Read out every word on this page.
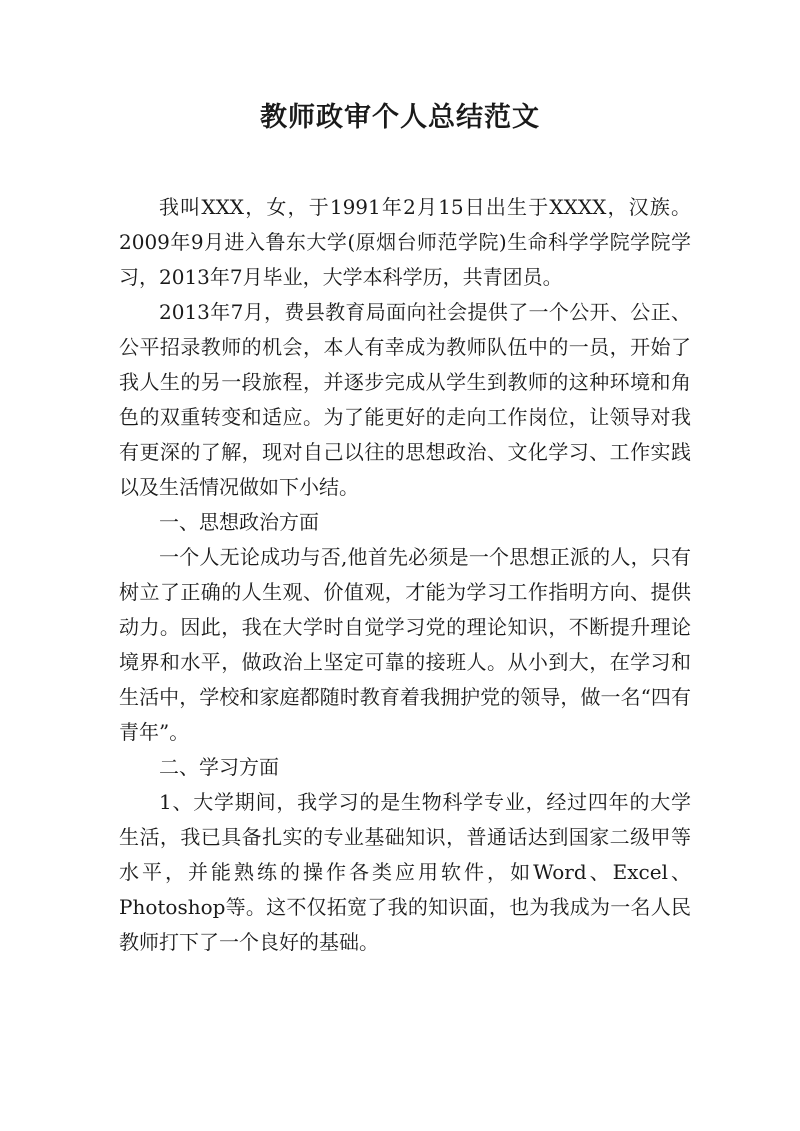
教师政审个人总结范文

我叫XXX，女，于1991年2月15日出生于XXXX，汉族。2009年9月进入鲁东大学(原烟台师范学院)生命科学学院学院学习，2013年7月毕业，大学本科学历，共青团员。

2013年7月，费县教育局面向社会提供了一个公开、公正、公平招录教师的机会，本人有幸成为教师队伍中的一员，开始了我人生的另一段旅程，并逐步完成从学生到教师的这种环境和角色的双重转变和适应。为了能更好的走向工作岗位，让领导对我有更深的了解，现对自己以往的思想政治、文化学习、工作实践以及生活情况做如下小结。

一、思想政治方面

一个人无论成功与否,他首先必须是一个思想正派的人，只有树立了正确的人生观、价值观，才能为学习工作指明方向、提供动力。因此，我在大学时自觉学习党的理论知识，不断提升理论境界和水平，做政治上坚定可靠的接班人。从小到大，在学习和生活中，学校和家庭都随时教育着我拥护党的领导，做一名“四有青年”。

二、学习方面

1、大学期间，我学习的是生物科学专业，经过四年的大学生活，我已具备扎实的专业基础知识，普通话达到国家二级甲等水平，并能熟练的操作各类应用软件，如Word、Excel、Photoshop等。这不仅拓宽了我的知识面，也为我成为一名人民教师打下了一个良好的基础。
